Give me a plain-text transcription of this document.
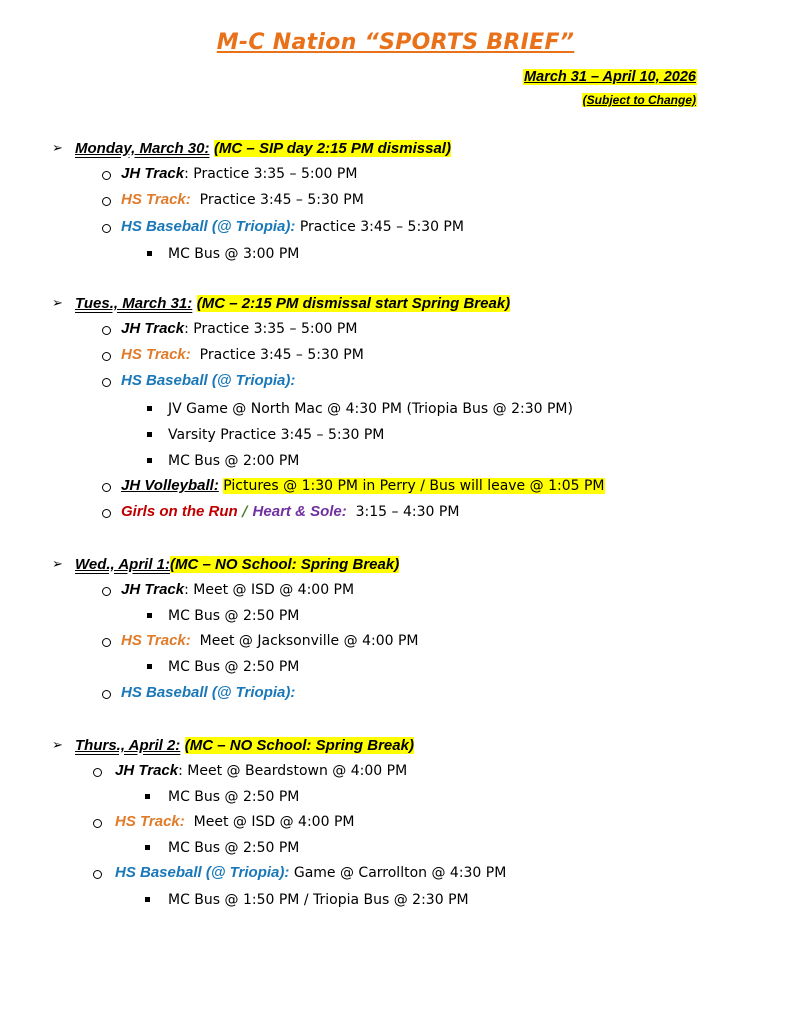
M-C Nation “SPORTS BRIEF”
March 31 – April 10, 2026
(Subject to Change)
➢ Monday, March 30: (MC – SIP day 2:15 PM dismissal)
JH Track: Practice 3:35 – 5:00 PM
HS Track:  Practice 3:45 – 5:30 PM
HS Baseball (@ Triopia): Practice 3:45 – 5:30 PM
MC Bus @ 3:00 PM
➢ Tues., March 31: (MC – 2:15 PM dismissal start Spring Break)
JH Track: Practice 3:35 – 5:00 PM
HS Track:  Practice 3:45 – 5:30 PM
HS Baseball (@ Triopia):
JV Game @ North Mac @ 4:30 PM (Triopia Bus @ 2:30 PM)
Varsity Practice 3:45 – 5:30 PM
MC Bus @ 2:00 PM
JH Volleyball: Pictures @ 1:30 PM in Perry / Bus will leave @ 1:05 PM
Girls on the Run / Heart & Sole:  3:15 – 4:30 PM
➢ Wed., April 1:(MC – NO School: Spring Break)
JH Track: Meet @ ISD @ 4:00 PM
MC Bus @ 2:50 PM
HS Track:  Meet @ Jacksonville @ 4:00 PM
MC Bus @ 2:50 PM
HS Baseball (@ Triopia):
➢ Thurs., April 2: (MC – NO School: Spring Break)
JH Track: Meet @ Beardstown @ 4:00 PM
MC Bus @ 2:50 PM
HS Track:  Meet @ ISD @ 4:00 PM
MC Bus @ 2:50 PM
HS Baseball (@ Triopia): Game @ Carrollton @ 4:30 PM
MC Bus @ 1:50 PM / Triopia Bus @ 2:30 PM
